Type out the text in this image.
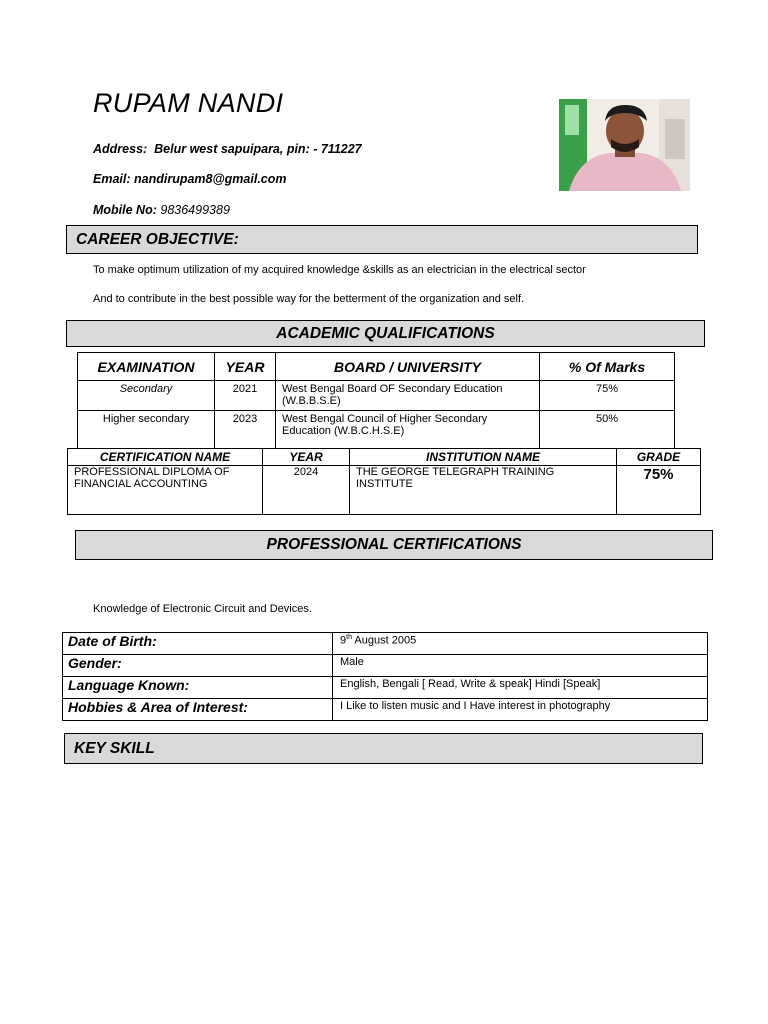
RUPAM NANDI
Address: Belur west sapuipara, pin: - 711227
Email: nandirupam8@gmail.com
Mobile No: 9836499389
CAREER OBJECTIVE:
To make optimum utilization of my acquired knowledge &skills as an electrician in the electrical sector
And to contribute in the best possible way for the betterment of the organization and self.
ACADEMIC QUALIFICATIONS
EXAMINATION	YEAR	BOARD / UNIVERSITY	% Of Marks
Secondary	2021	West Bengal Board OF Secondary Education (W.B.B.S.E)	75%
Higher secondary	2023	West Bengal Council of Higher Secondary Education (W.B.C.H.S.E)	50%
CERTIFICATION NAME	YEAR	INSTITUTION NAME	GRADE
PROFESSIONAL DIPLOMA OF FINANCIAL ACCOUNTING	2024	THE GEORGE TELEGRAPH TRAINING INSTITUTE	75%
PROFESSIONAL CERTIFICATIONS
Knowledge of Electronic Circuit and Devices.
Date of Birth:	9th August 2005
Gender:	Male
Language Known:	English, Bengali [ Read, Write & speak] Hindi [Speak]
Hobbies & Area of Interest:	I Like to listen music and I Have interest in photography
KEY SKILL
